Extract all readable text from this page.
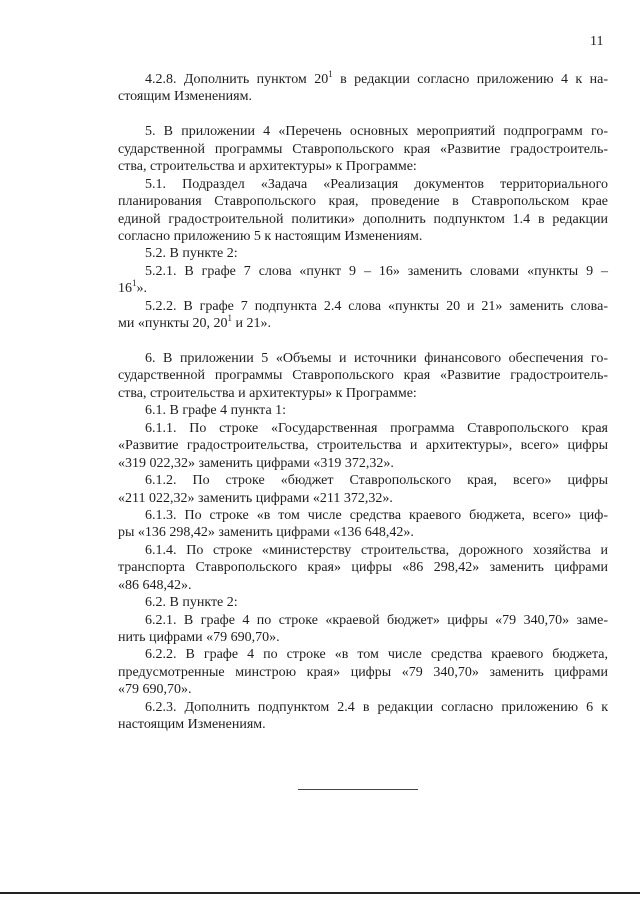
11
4.2.8. Дополнить пунктом $20^1$ в редакции согласно приложению 4 к на-
стоящим Изменениям.
5. В приложении 4 «Перечень основных мероприятий подпрограмм го-
сударственной программы Ставропольского края «Развитие градостроитель-
ства, строительства и архитектуры» к Программе:
5.1. Подраздел «Задача «Реализация документов территориального
планирования Ставропольского края, проведение в Ставропольском крае
единой градостроительной политики» дополнить подпунктом 1.4 в редакции
согласно приложению 5 к настоящим Изменениям.
5.2. В пункте 2:
5.2.1. В графе 7 слова «пункт 9 – 16» заменить словами «пункты 9 –
$16^1$».
5.2.2. В графе 7 подпункта 2.4 слова «пункты 20 и 21» заменить слова-
ми «пункты 20, $20^1$ и 21».
6. В приложении 5 «Объемы и источники финансового обеспечения го-
сударственной программы Ставропольского края «Развитие градостроитель-
ства, строительства и архитектуры» к Программе:
6.1. В графе 4 пункта 1:
6.1.1. По строке «Государственная программа Ставропольского края
«Развитие градостроительства, строительства и архитектуры», всего» цифры
«319 022,32» заменить цифрами «319 372,32».
6.1.2. По строке «бюджет Ставропольского края, всего» цифры
«211 022,32» заменить цифрами «211 372,32».
6.1.3. По строке «в том числе средства краевого бюджета, всего» циф-
ры «136 298,42» заменить цифрами «136 648,42».
6.1.4. По строке «министерству строительства, дорожного хозяйства и
транспорта Ставропольского края» цифры «86 298,42» заменить цифрами
«86 648,42».
6.2. В пункте 2:
6.2.1. В графе 4 по строке «краевой бюджет» цифры «79 340,70» заме-
нить цифрами «79 690,70».
6.2.2. В графе 4 по строке «в том числе средства краевого бюджета,
предусмотренные минстрою края» цифры «79 340,70» заменить цифрами
«79 690,70».
6.2.3. Дополнить подпунктом 2.4 в редакции согласно приложению 6 к
настоящим Изменениям.
